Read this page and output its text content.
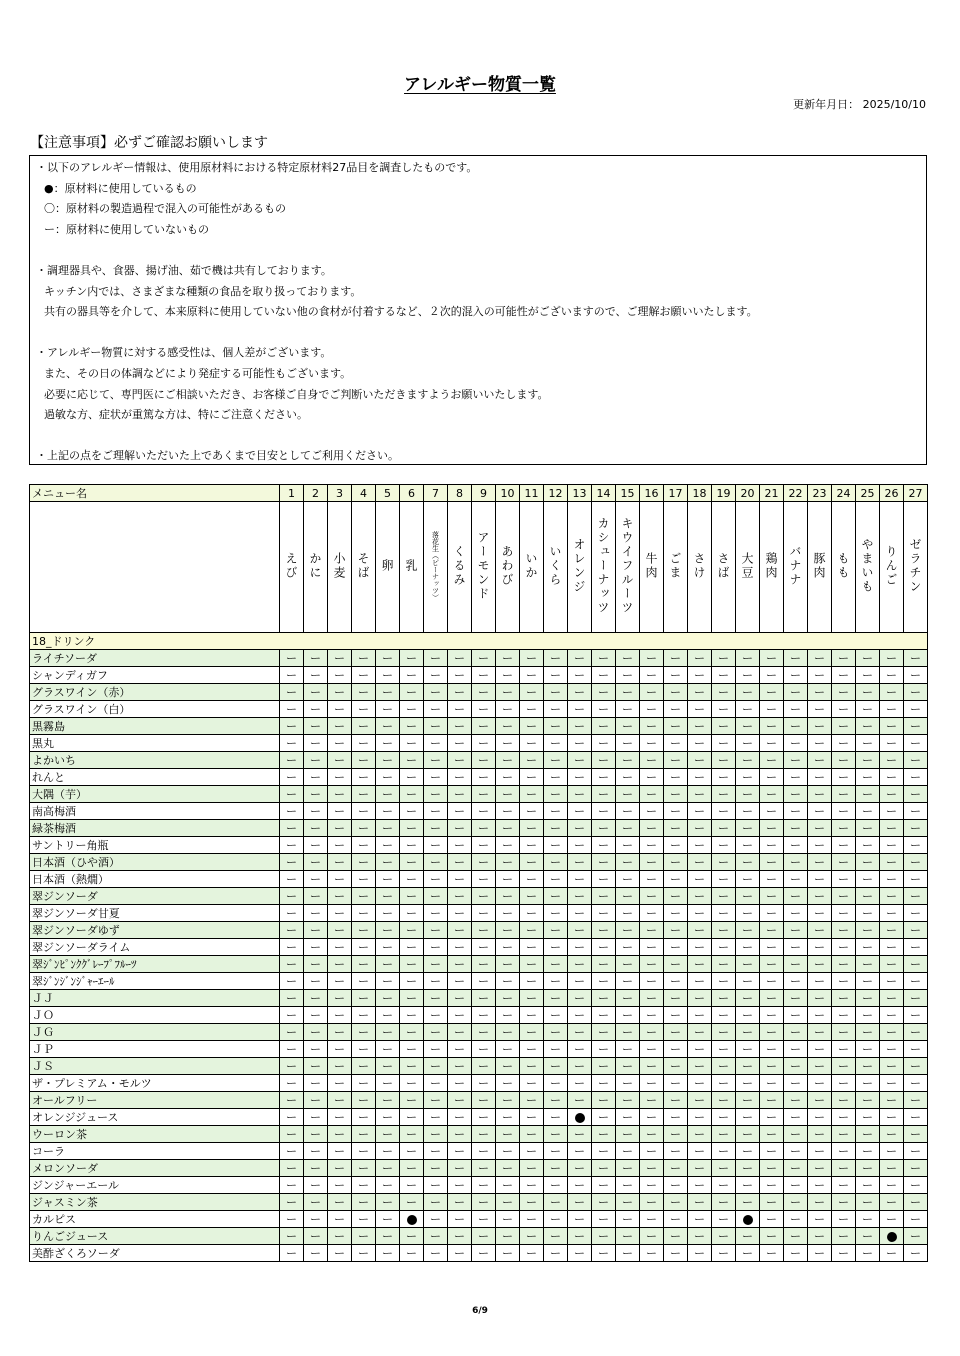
アレルギー物質一覧
更新年月日： 2025/10/10
【注意事項】必ずご確認お願いします
・以下のアレルギー情報は、使用原材料における特定原材料27品目を調査したものです。
●：原材料に使用しているもの
〇：原材料の製造過程で混入の可能性があるもの
ー：原材料に使用していないもの
・調理器具や、食器、揚げ油、茹で機は共有しております。
キッチン内では、さまざまな種類の食品を取り扱っております。
共有の器具等を介して、本来原料に使用していない他の食材が付着するなど、２次的混入の可能性がございますので、ご理解お願いいたします。
・アレルギー物質に対する感受性は、個人差がございます。
また、その日の体調などにより発症する可能性もございます。
必要に応じて、専門医にご相談いただき、お客様ご自身でご判断いただきますようお願いいたします。
過敏な方、症状が重篤な方は、特にご注意ください。
・上記の点をご理解いただいた上であくまで目安としてご利用ください。
メニュー名	1	2	3	4	5	6	7	8	9	10	11	12	13	14	15	16	17	18	19	20	21	22	23	24	25	26	27
	えび	かに	小麦	そば	卵	乳	落花生（ピーナッツ）	くるみ	アーモンド	あわび	いか	いくら	オレンジ	カシューナッツ	キウイフルーツ	牛肉	ごま	さけ	さば	大豆	鶏肉	バナナ	豚肉	もも	やまいも	りんご	ゼラチン
18_ドリンク																											
ライチソーダ	ー	ー	ー	ー	ー	ー	ー	ー	ー	ー	ー	ー	ー	ー	ー	ー	ー	ー	ー	ー	ー	ー	ー	ー	ー	ー	ー
シャンディガフ	ー	ー	ー	ー	ー	ー	ー	ー	ー	ー	ー	ー	ー	ー	ー	ー	ー	ー	ー	ー	ー	ー	ー	ー	ー	ー	ー
グラスワイン（赤）	ー	ー	ー	ー	ー	ー	ー	ー	ー	ー	ー	ー	ー	ー	ー	ー	ー	ー	ー	ー	ー	ー	ー	ー	ー	ー	ー
グラスワイン（白）	ー	ー	ー	ー	ー	ー	ー	ー	ー	ー	ー	ー	ー	ー	ー	ー	ー	ー	ー	ー	ー	ー	ー	ー	ー	ー	ー
黒霧島	ー	ー	ー	ー	ー	ー	ー	ー	ー	ー	ー	ー	ー	ー	ー	ー	ー	ー	ー	ー	ー	ー	ー	ー	ー	ー	ー
黒丸	ー	ー	ー	ー	ー	ー	ー	ー	ー	ー	ー	ー	ー	ー	ー	ー	ー	ー	ー	ー	ー	ー	ー	ー	ー	ー	ー
よかいち	ー	ー	ー	ー	ー	ー	ー	ー	ー	ー	ー	ー	ー	ー	ー	ー	ー	ー	ー	ー	ー	ー	ー	ー	ー	ー	ー
れんと	ー	ー	ー	ー	ー	ー	ー	ー	ー	ー	ー	ー	ー	ー	ー	ー	ー	ー	ー	ー	ー	ー	ー	ー	ー	ー	ー
大隅（芋）	ー	ー	ー	ー	ー	ー	ー	ー	ー	ー	ー	ー	ー	ー	ー	ー	ー	ー	ー	ー	ー	ー	ー	ー	ー	ー	ー
南高梅酒	ー	ー	ー	ー	ー	ー	ー	ー	ー	ー	ー	ー	ー	ー	ー	ー	ー	ー	ー	ー	ー	ー	ー	ー	ー	ー	ー
緑茶梅酒	ー	ー	ー	ー	ー	ー	ー	ー	ー	ー	ー	ー	ー	ー	ー	ー	ー	ー	ー	ー	ー	ー	ー	ー	ー	ー	ー
サントリー角瓶	ー	ー	ー	ー	ー	ー	ー	ー	ー	ー	ー	ー	ー	ー	ー	ー	ー	ー	ー	ー	ー	ー	ー	ー	ー	ー	ー
日本酒（ひや酒）	ー	ー	ー	ー	ー	ー	ー	ー	ー	ー	ー	ー	ー	ー	ー	ー	ー	ー	ー	ー	ー	ー	ー	ー	ー	ー	ー
日本酒（熱燗）	ー	ー	ー	ー	ー	ー	ー	ー	ー	ー	ー	ー	ー	ー	ー	ー	ー	ー	ー	ー	ー	ー	ー	ー	ー	ー	ー
翠ジンソーダ	ー	ー	ー	ー	ー	ー	ー	ー	ー	ー	ー	ー	ー	ー	ー	ー	ー	ー	ー	ー	ー	ー	ー	ー	ー	ー	ー
翠ジンソーダ甘夏	ー	ー	ー	ー	ー	ー	ー	ー	ー	ー	ー	ー	ー	ー	ー	ー	ー	ー	ー	ー	ー	ー	ー	ー	ー	ー	ー
翠ジンソーダゆず	ー	ー	ー	ー	ー	ー	ー	ー	ー	ー	ー	ー	ー	ー	ー	ー	ー	ー	ー	ー	ー	ー	ー	ー	ー	ー	ー
翠ジンソーダライム	ー	ー	ー	ー	ー	ー	ー	ー	ー	ー	ー	ー	ー	ー	ー	ー	ー	ー	ー	ー	ー	ー	ー	ー	ー	ー	ー
翠ｼﾞﾝﾋﾟﾝｸｸﾞﾚｰﾌﾟﾌﾙｰﾂ	ー	ー	ー	ー	ー	ー	ー	ー	ー	ー	ー	ー	ー	ー	ー	ー	ー	ー	ー	ー	ー	ー	ー	ー	ー	ー	ー
翠ｼﾞﾝｼﾞﾝｼﾞｬｰｴｰﾙ	ー	ー	ー	ー	ー	ー	ー	ー	ー	ー	ー	ー	ー	ー	ー	ー	ー	ー	ー	ー	ー	ー	ー	ー	ー	ー	ー
ＪＪ	ー	ー	ー	ー	ー	ー	ー	ー	ー	ー	ー	ー	ー	ー	ー	ー	ー	ー	ー	ー	ー	ー	ー	ー	ー	ー	ー
ＪＯ	ー	ー	ー	ー	ー	ー	ー	ー	ー	ー	ー	ー	ー	ー	ー	ー	ー	ー	ー	ー	ー	ー	ー	ー	ー	ー	ー
ＪＧ	ー	ー	ー	ー	ー	ー	ー	ー	ー	ー	ー	ー	ー	ー	ー	ー	ー	ー	ー	ー	ー	ー	ー	ー	ー	ー	ー
ＪＰ	ー	ー	ー	ー	ー	ー	ー	ー	ー	ー	ー	ー	ー	ー	ー	ー	ー	ー	ー	ー	ー	ー	ー	ー	ー	ー	ー
ＪＳ	ー	ー	ー	ー	ー	ー	ー	ー	ー	ー	ー	ー	ー	ー	ー	ー	ー	ー	ー	ー	ー	ー	ー	ー	ー	ー	ー
ザ・プレミアム・モルツ	ー	ー	ー	ー	ー	ー	ー	ー	ー	ー	ー	ー	ー	ー	ー	ー	ー	ー	ー	ー	ー	ー	ー	ー	ー	ー	ー
オールフリー	ー	ー	ー	ー	ー	ー	ー	ー	ー	ー	ー	ー	ー	ー	ー	ー	ー	ー	ー	ー	ー	ー	ー	ー	ー	ー	ー
オレンジジュース	ー	ー	ー	ー	ー	ー	ー	ー	ー	ー	ー	ー		ー	ー	ー	ー	ー	ー	ー	ー	ー	ー	ー	ー	ー	ー
ウーロン茶	ー	ー	ー	ー	ー	ー	ー	ー	ー	ー	ー	ー	ー	ー	ー	ー	ー	ー	ー	ー	ー	ー	ー	ー	ー	ー	ー
コーラ	ー	ー	ー	ー	ー	ー	ー	ー	ー	ー	ー	ー	ー	ー	ー	ー	ー	ー	ー	ー	ー	ー	ー	ー	ー	ー	ー
メロンソーダ	ー	ー	ー	ー	ー	ー	ー	ー	ー	ー	ー	ー	ー	ー	ー	ー	ー	ー	ー	ー	ー	ー	ー	ー	ー	ー	ー
ジンジャーエール	ー	ー	ー	ー	ー	ー	ー	ー	ー	ー	ー	ー	ー	ー	ー	ー	ー	ー	ー	ー	ー	ー	ー	ー	ー	ー	ー
ジャスミン茶	ー	ー	ー	ー	ー	ー	ー	ー	ー	ー	ー	ー	ー	ー	ー	ー	ー	ー	ー	ー	ー	ー	ー	ー	ー	ー	ー
カルピス	ー	ー	ー	ー	ー		ー	ー	ー	ー	ー	ー	ー	ー	ー	ー	ー	ー	ー		ー	ー	ー	ー	ー	ー	ー
りんごジュース	ー	ー	ー	ー	ー	ー	ー	ー	ー	ー	ー	ー	ー	ー	ー	ー	ー	ー	ー	ー	ー	ー	ー	ー	ー		ー
美酢ざくろソーダ	ー	ー	ー	ー	ー	ー	ー	ー	ー	ー	ー	ー	ー	ー	ー	ー	ー	ー	ー	ー	ー	ー	ー	ー	ー	ー	ー
6/9
